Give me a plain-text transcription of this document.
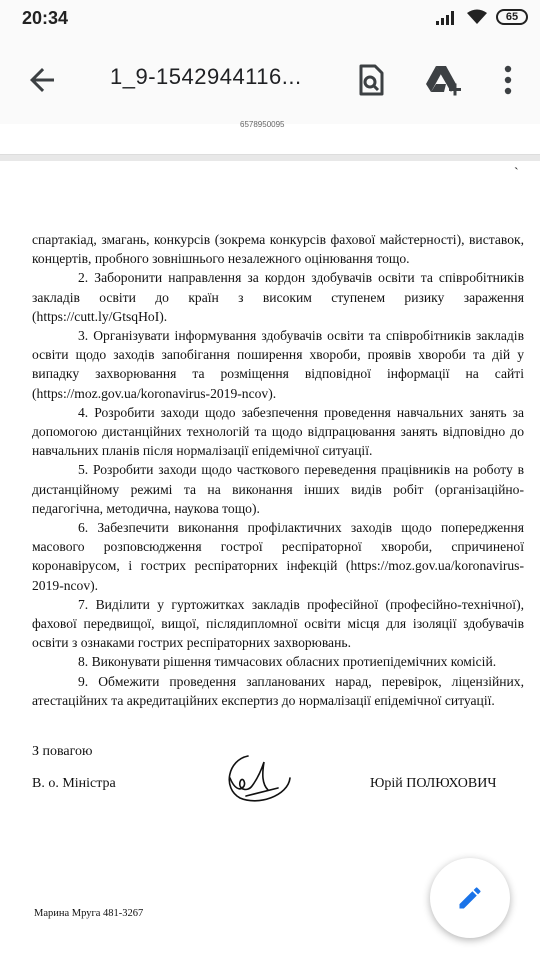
20:34	65
1_9-1542944116...
6578950095
ˋ

спартакіад, змагань, конкурсів (зокрема конкурсів фахової майстерності), виставок, концертів, пробного зовнішнього незалежного оцінювання тощо.

2. Заборонити направлення за кордон здобувачів освіти та співробітників закладів освіти до країн з високим ступенем ризику зараження (https://cutt.ly/GtsqHoI).

3. Організувати інформування здобувачів освіти та співробітників закладів освіти щодо заходів запобігання поширення хвороби, проявів хвороби та дій у випадку захворювання та розміщення відповідної інформації на сайті (https://moz.gov.ua/koronavirus-2019-ncov).

4. Розробити заходи щодо забезпечення проведення навчальних занять за допомогою дистанційних технологій та щодо відпрацювання занять відповідно до навчальних планів після нормалізації епідемічної ситуації.

5. Розробити заходи щодо часткового переведення працівників на роботу в дистанційному режимі та на виконання інших видів робіт (організаційно-педагогічна, методична, наукова тощо).

6. Забезпечити виконання профілактичних заходів щодо попередження масового розповсюдження гострої респіраторної хвороби, спричиненої коронавірусом, і гострих респіраторних інфекцій (https://moz.gov.ua/koronavirus-2019-ncov).

7. Виділити у гуртожитках закладів професійної (професійно-технічної), фахової передвищої, вищої, післядипломної освіти місця для ізоляції здобувачів освіти з ознаками гострих респіраторних захворювань.

8. Виконувати рішення тимчасових обласних протиепідемічних комісій.

9. Обмежити проведення запланованих нарад, перевірок, ліцензійних, атестаційних та акредитаційних експертиз до нормалізації епідемічної ситуації.

З повагою
В. о. Міністра	Юрій ПОЛЮХОВИЧ
Марина Мруга 481-3267
